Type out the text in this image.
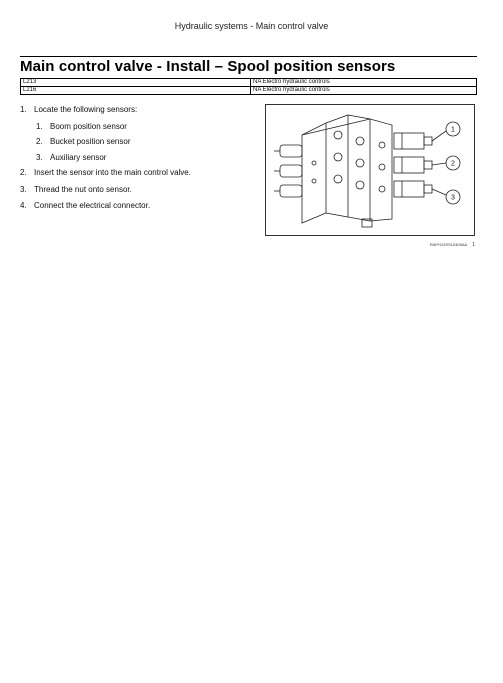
Hydraulic systems - Main control valve
Main control valve - Install – Spool position sensors
L213	NA Electro hydraulic controls
L216	NA Electro hydraulic controls
1. Locate the following sensors:
1. Boom position sensor
2. Bucket position sensor
3. Auxiliary sensor
2. Insert the sensor into the main control valve.
3. Thread the nut onto sensor.
4. Connect the electrical connector.
1
2
3
RAPH12SSL0409AA 1
